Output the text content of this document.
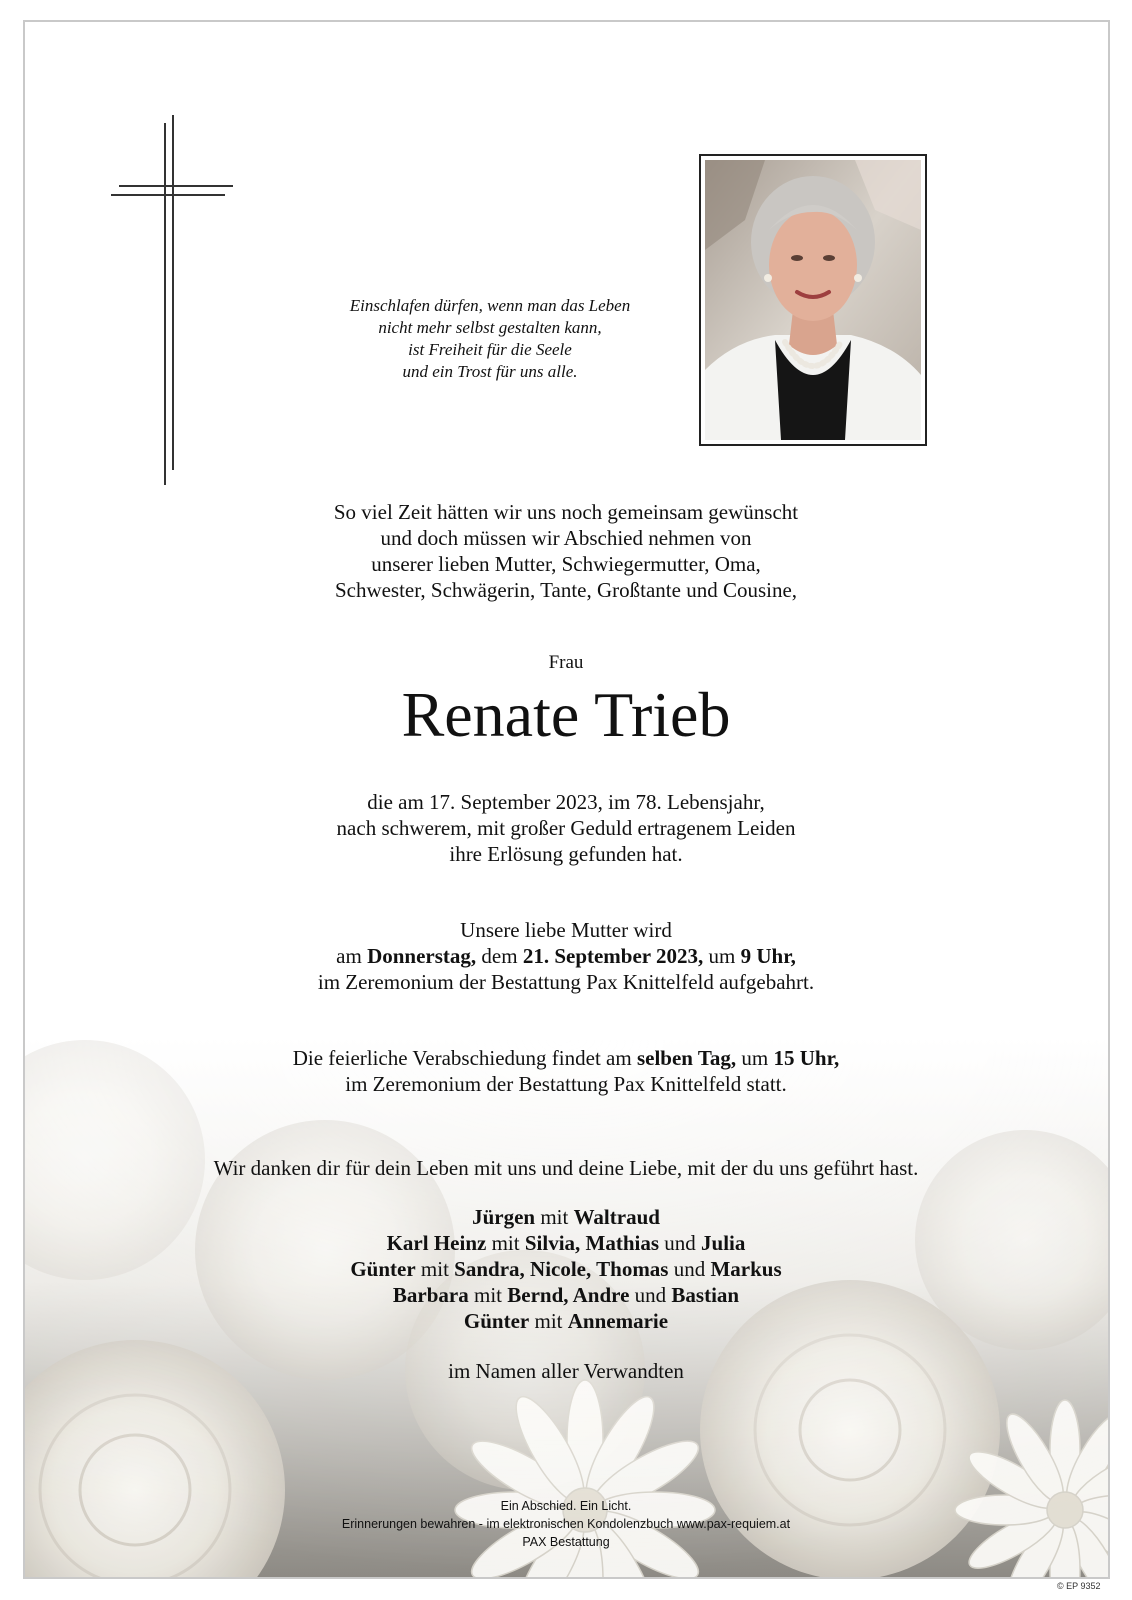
Einschlafen dürfen, wenn man das Leben
nicht mehr selbst gestalten kann,
ist Freiheit für die Seele
und ein Trost für uns alle.
So viel Zeit hätten wir uns noch gemeinsam gewünscht
und doch müssen wir Abschied nehmen von
unserer lieben Mutter, Schwiegermutter, Oma,
Schwester, Schwägerin, Tante, Großtante und Cousine,
Frau
Renate Trieb
die am 17. September 2023, im 78. Lebensjahr,
nach schwerem, mit großer Geduld ertragenem Leiden
ihre Erlösung gefunden hat.
Unsere liebe Mutter wird
am Donnerstag, dem 21. September 2023, um 9 Uhr,
im Zeremonium der Bestattung Pax Knittelfeld aufgebahrt.
Die feierliche Verabschiedung findet am selben Tag, um 15 Uhr,
im Zeremonium der Bestattung Pax Knittelfeld statt.
Wir danken dir für dein Leben mit uns und deine Liebe, mit der du uns geführt hast.
Jürgen mit Waltraud
Karl Heinz mit Silvia, Mathias und Julia
Günter mit Sandra, Nicole, Thomas und Markus
Barbara mit Bernd, Andre und Bastian
Günter mit Annemarie
im Namen aller Verwandten
Ein Abschied. Ein Licht.
Erinnerungen bewahren - im elektronischen Kondolenzbuch www.pax-requiem.at
PAX Bestattung
© EP 9352
